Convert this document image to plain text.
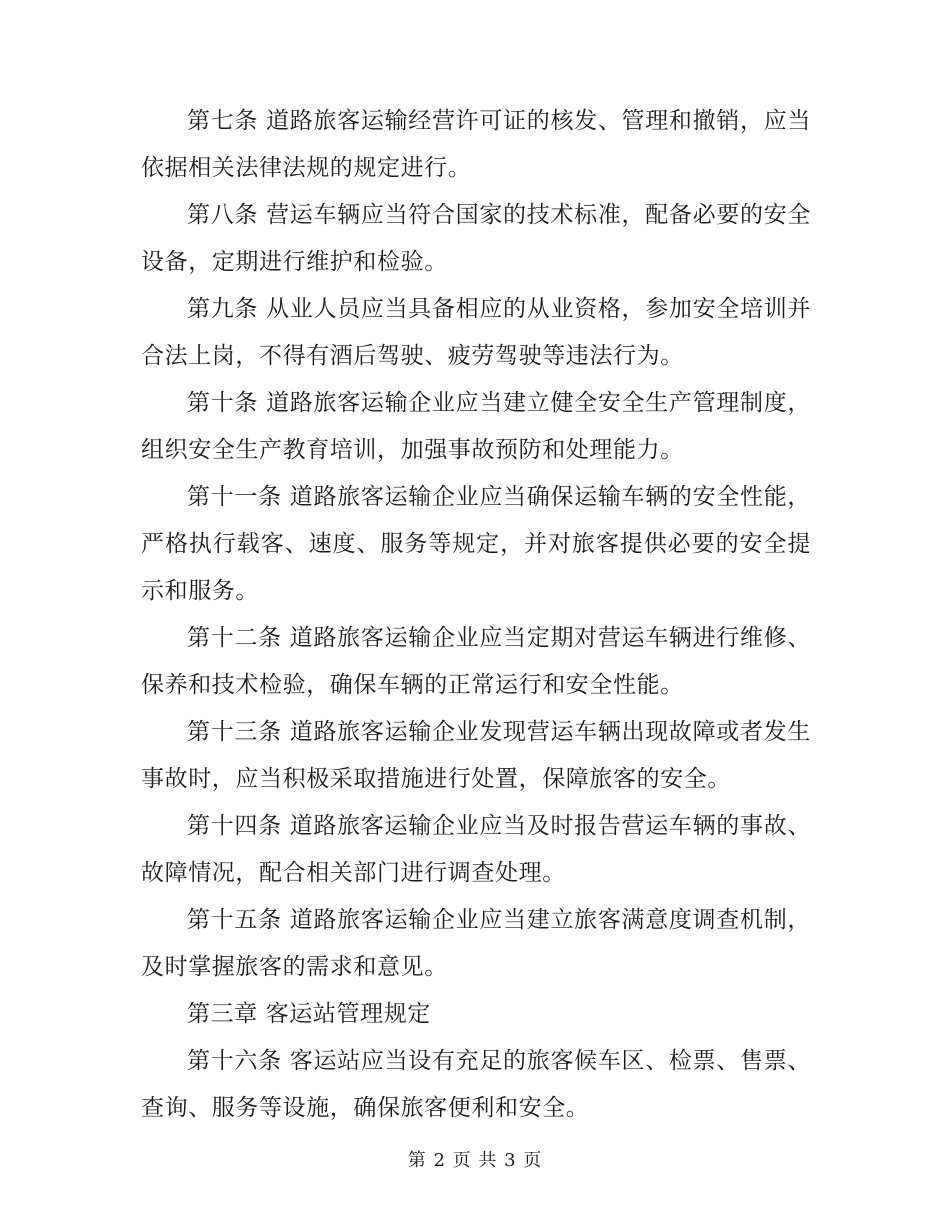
第七条 道路旅客运输经营许可证的核发、管理和撤销，应当依据相关法律法规的规定进行。

第八条 营运车辆应当符合国家的技术标准，配备必要的安全设备，定期进行维护和检验。

第九条 从业人员应当具备相应的从业资格，参加安全培训并合法上岗，不得有酒后驾驶、疲劳驾驶等违法行为。

第十条 道路旅客运输企业应当建立健全安全生产管理制度，组织安全生产教育培训，加强事故预防和处理能力。

第十一条 道路旅客运输企业应当确保运输车辆的安全性能，严格执行载客、速度、服务等规定，并对旅客提供必要的安全提示和服务。

第十二条 道路旅客运输企业应当定期对营运车辆进行维修、保养和技术检验，确保车辆的正常运行和安全性能。

第十三条 道路旅客运输企业发现营运车辆出现故障或者发生事故时，应当积极采取措施进行处置，保障旅客的安全。

第十四条 道路旅客运输企业应当及时报告营运车辆的事故、故障情况，配合相关部门进行调查处理。

第十五条 道路旅客运输企业应当建立旅客满意度调查机制，及时掌握旅客的需求和意见。

第三章 客运站管理规定

第十六条 客运站应当设有充足的旅客候车区、检票、售票、查询、服务等设施，确保旅客便利和安全。

第 2 页 共 3 页
